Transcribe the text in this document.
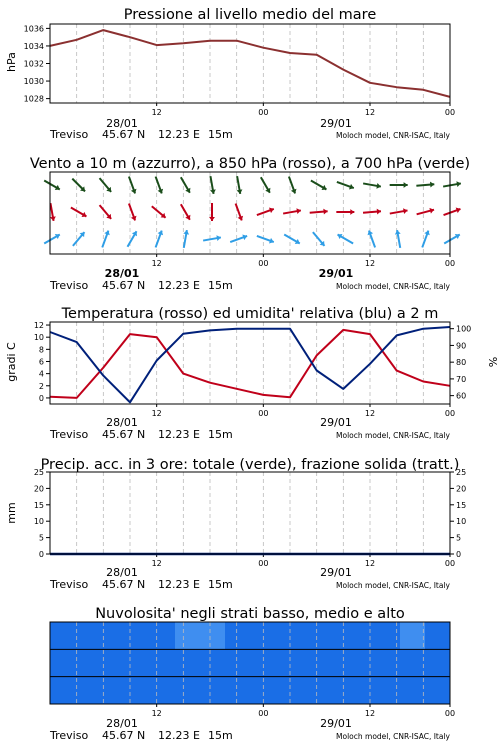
Pressione al livello medio del mare
hPa
1028
1030
1032
1034
1036
12	00	12	00
28/01	29/01
Treviso 45.67 N 12.23 E 15m	Moloch model, CNR-ISAC, Italy
Vento a 10 m (azzurro), a 850 hPa (rosso), a 700 hPa (verde)
12	00	12	00
28/01	29/01
Treviso 45.67 N 12.23 E 15m	Moloch model, CNR-ISAC, Italy
Temperatura (rosso) ed umidita' relativa (blu) a 2 m
gradi C	%
0
2
4
6
8
10
12
60
70
80
90
100
12	00	12	00
28/01	29/01
Treviso 45.67 N 12.23 E 15m	Moloch model, CNR-ISAC, Italy
Precip. acc. in 3 ore: totale (verde), frazione solida (tratt.)
mm
0
5
10
15
20
25
0
5
10
15
20
25
12	00	12	00
28/01	29/01
Treviso 45.67 N 12.23 E 15m	Moloch model, CNR-ISAC, Italy
Nuvolosita' negli strati basso, medio e alto
12	00	12	00
28/01	29/01
Treviso 45.67 N 12.23 E 15m	Moloch model, CNR-ISAC, Italy
